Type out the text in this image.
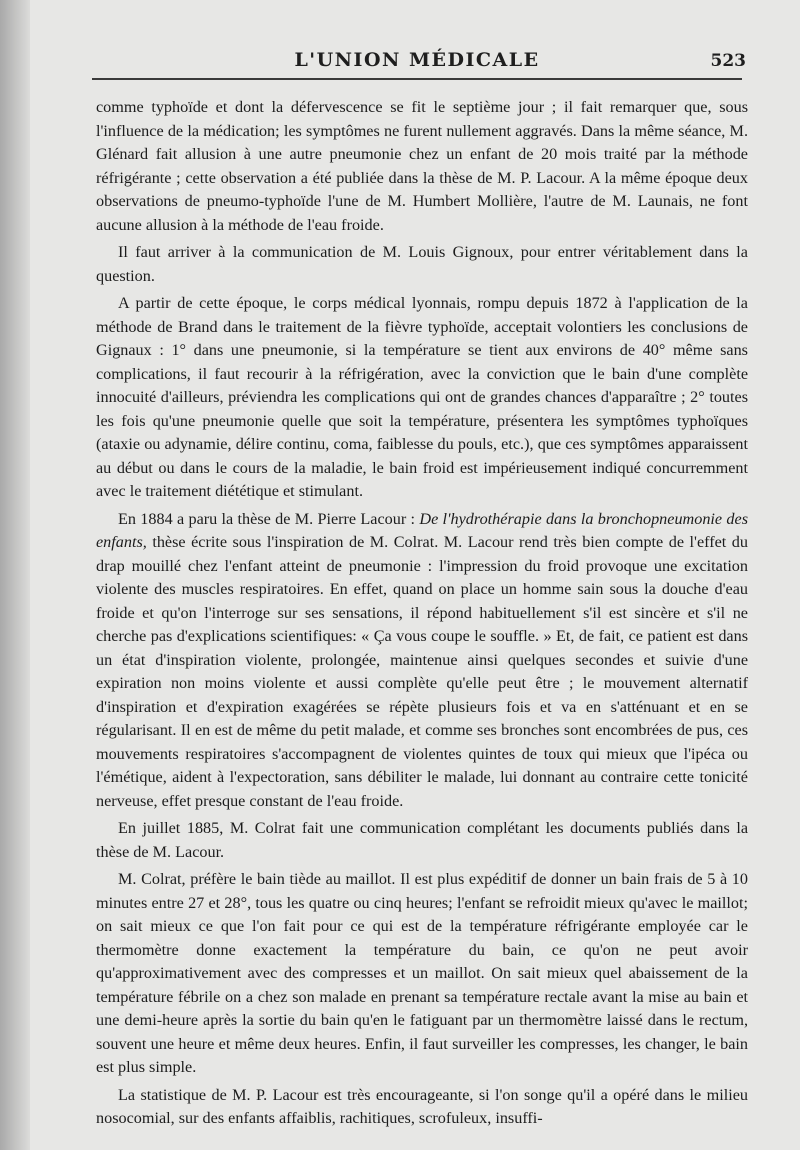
L'UNION MÉDICALE	523

comme typhoïde et dont la défervescence se fit le septième jour ; il fait remarquer que, sous l'influence de la médication; les symptômes ne furent nullement aggravés. Dans la même séance, M. Glénard fait allusion à une autre pneumonie chez un enfant de 20 mois traité par la méthode réfrigérante ; cette observation a été publiée dans la thèse de M. P. Lacour. A la même époque deux observations de pneumo-typhoïde l'une de M. Humbert Mollière, l'autre de M. Launais, ne font aucune allusion à la méthode de l'eau froide.

Il faut arriver à la communication de M. Louis Gignoux, pour entrer véritablement dans la question.

A partir de cette époque, le corps médical lyonnais, rompu depuis 1872 à l'application de la méthode de Brand dans le traitement de la fièvre typhoïde, acceptait volontiers les conclusions de Gignaux : 1° dans une pneumonie, si la température se tient aux environs de 40° même sans complications, il faut recourir à la réfrigération, avec la conviction que le bain d'une complète innocuité d'ailleurs, préviendra les complications qui ont de grandes chances d'apparaître ; 2° toutes les fois qu'une pneumonie quelle que soit la température, présentera les symptômes typhoïques (ataxie ou adynamie, délire continu, coma, faiblesse du pouls, etc.), que ces symptômes apparaissent au début ou dans le cours de la maladie, le bain froid est impérieusement indiqué concurremment avec le traitement diététique et stimulant.

En 1884 a paru la thèse de M. Pierre Lacour : De l'hydrothérapie dans la bronchopneumonie des enfants, thèse écrite sous l'inspiration de M. Colrat. M. Lacour rend très bien compte de l'effet du drap mouillé chez l'enfant atteint de pneumonie : l'impression du froid provoque une excitation violente des muscles respiratoires. En effet, quand on place un homme sain sous la douche d'eau froide et qu'on l'interroge sur ses sensations, il répond habituellement s'il est sincère et s'il ne cherche pas d'explications scientifiques: « Ça vous coupe le souffle. » Et, de fait, ce patient est dans un état d'inspiration violente, prolongée, maintenue ainsi quelques secondes et suivie d'une expiration non moins violente et aussi complète qu'elle peut être ; le mouvement alternatif d'inspiration et d'expiration exagérées se répète plusieurs fois et va en s'atténuant et en se régularisant. Il en est de même du petit malade, et comme ses bronches sont encombrées de pus, ces mouvements respiratoires s'accompagnent de violentes quintes de toux qui mieux que l'ipéca ou l'émétique, aident à l'expectoration, sans débiliter le malade, lui donnant au contraire cette tonicité nerveuse, effet presque constant de l'eau froide.

En juillet 1885, M. Colrat fait une communication complétant les documents publiés dans la thèse de M. Lacour.

M. Colrat, préfère le bain tiède au maillot. Il est plus expéditif de donner un bain frais de 5 à 10 minutes entre 27 et 28°, tous les quatre ou cinq heures; l'enfant se refroidit mieux qu'avec le maillot; on sait mieux ce que l'on fait pour ce qui est de la température réfrigérante employée car le thermomètre donne exactement la température du bain, ce qu'on ne peut avoir qu'approximativement avec des compresses et un maillot. On sait mieux quel abaissement de la température fébrile on a chez son malade en prenant sa température rectale avant la mise au bain et une demi-heure après la sortie du bain qu'en le fatiguant par un thermomètre laissé dans le rectum, souvent une heure et même deux heures. Enfin, il faut surveiller les compresses, les changer, le bain est plus simple.

La statistique de M. P. Lacour est très encourageante, si l'on songe qu'il a opéré dans le milieu nosocomial, sur des enfants affaiblis, rachitiques, scrofuleux, insuffi-
